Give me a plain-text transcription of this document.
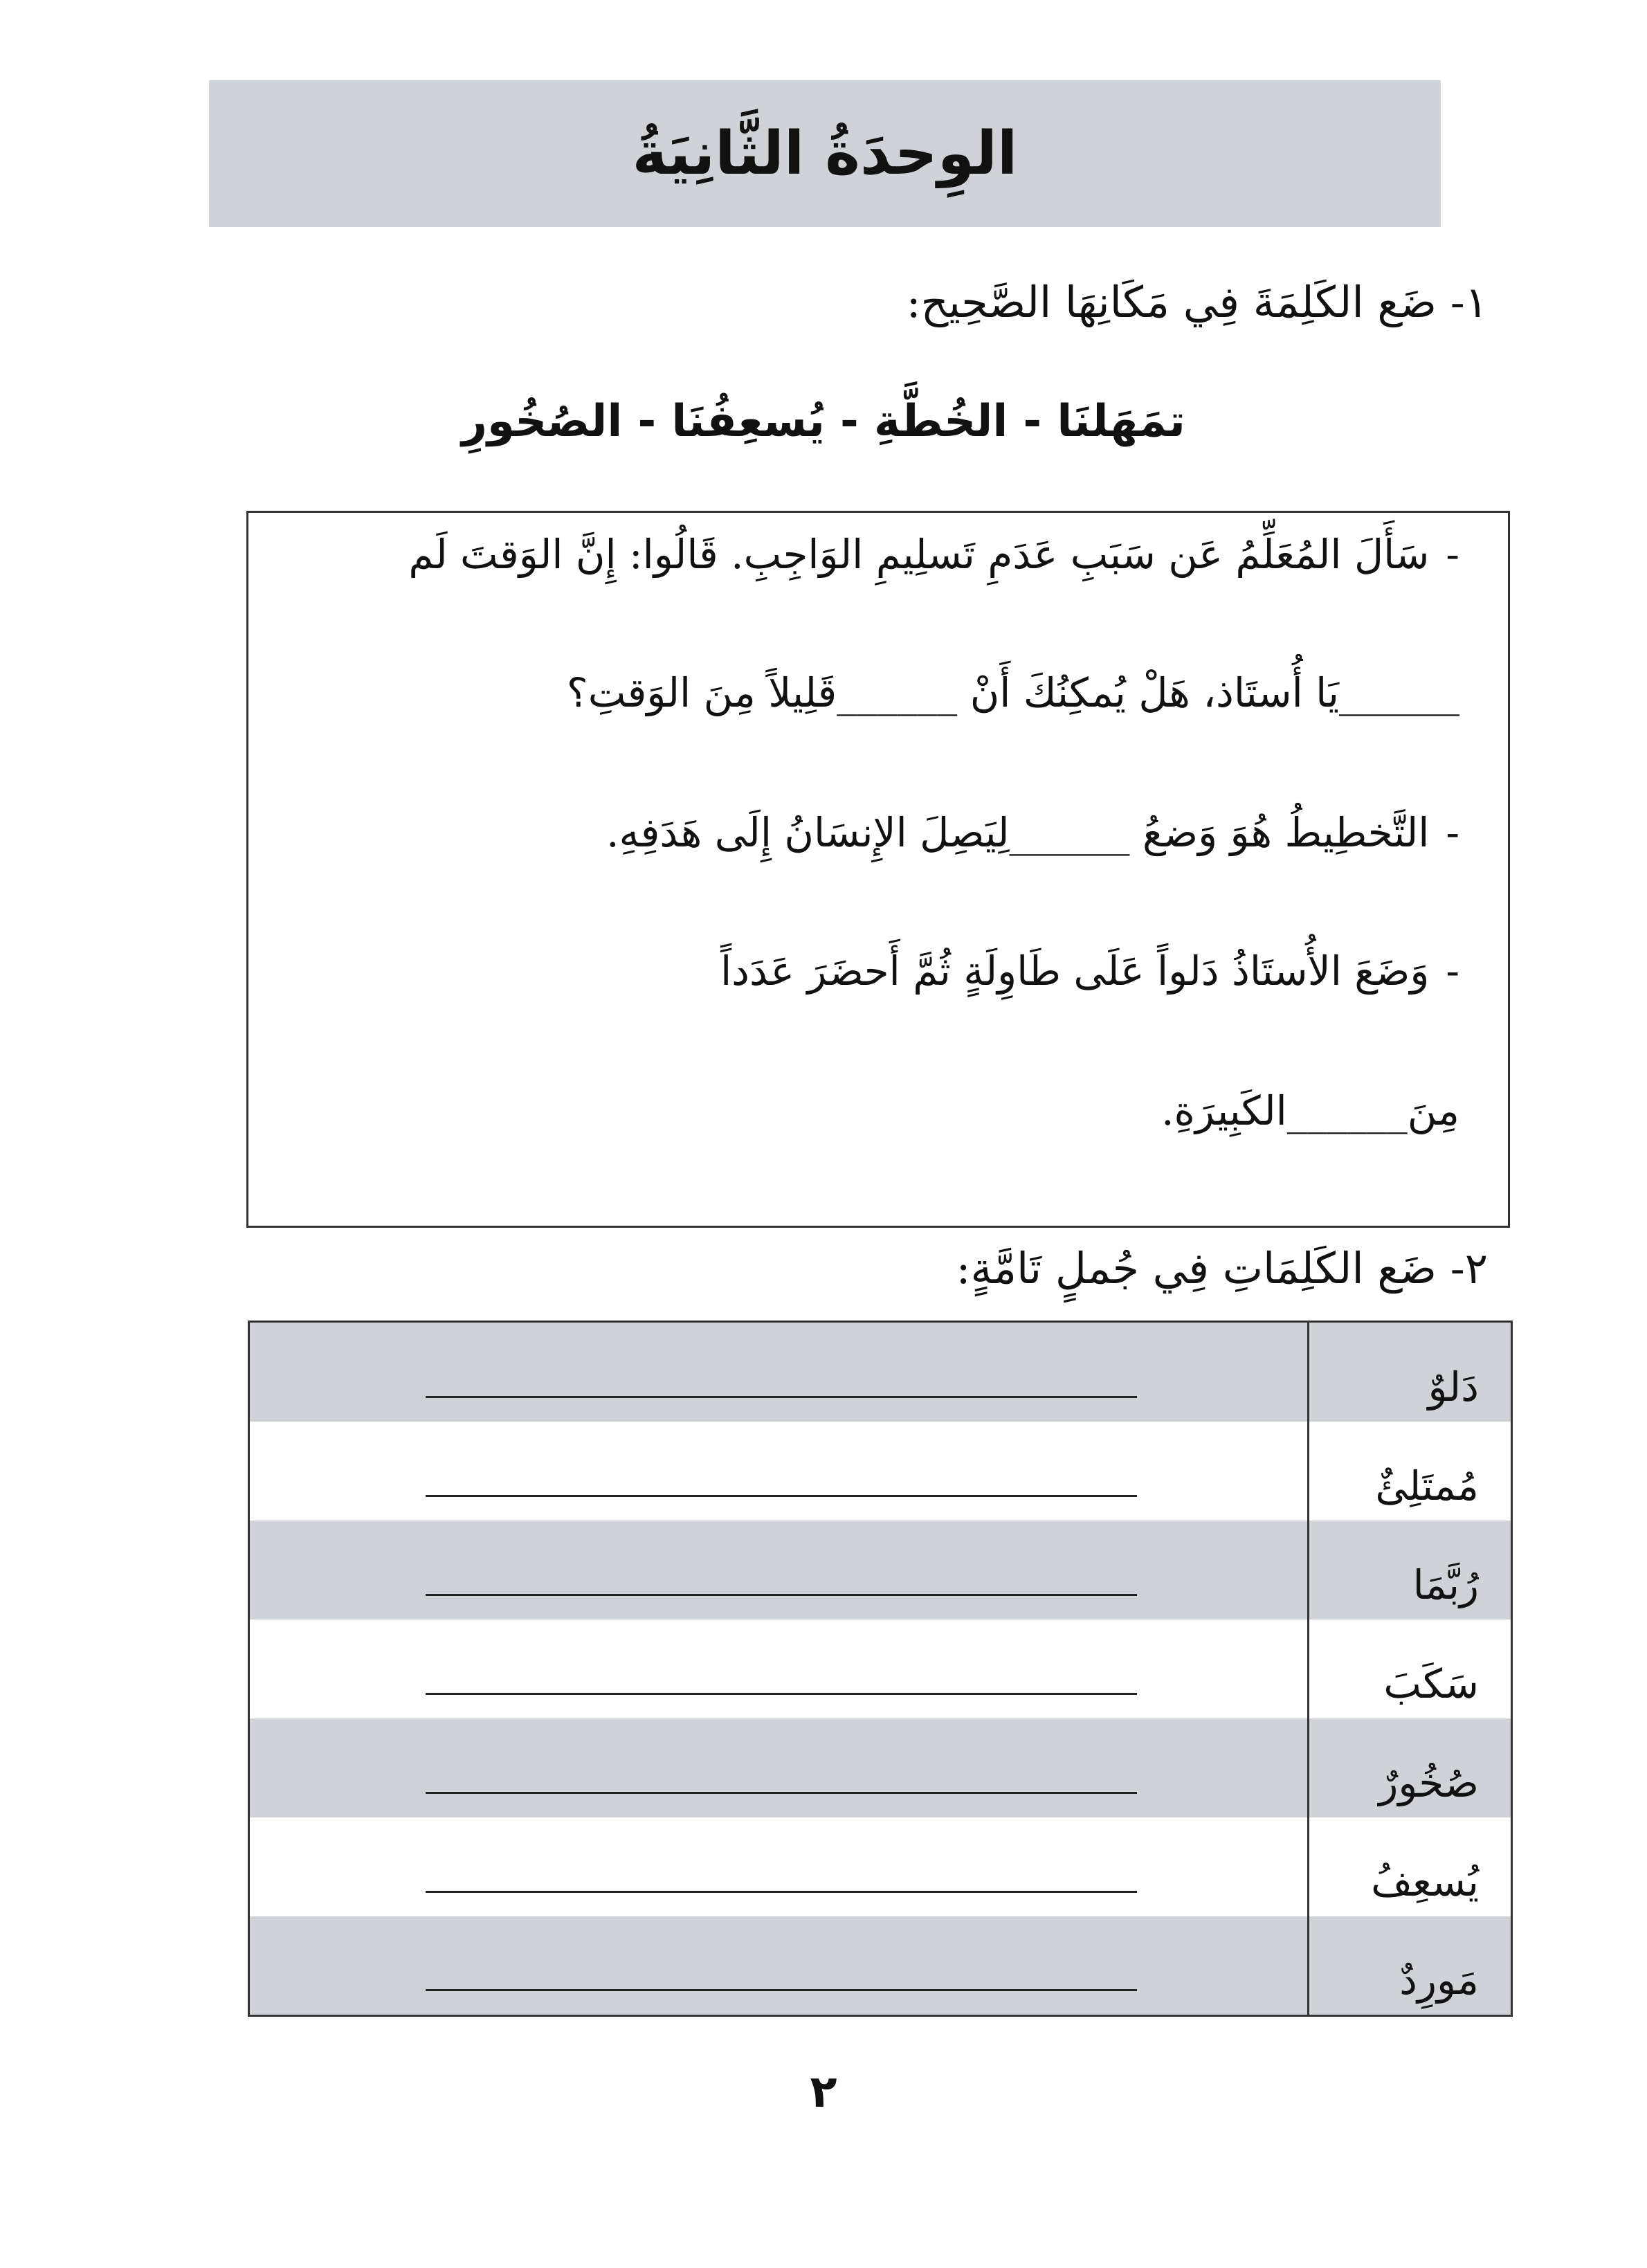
الوِحدَةُ الثَّانِيَةُ
١- ضَع الكَلِمَةَ فِي مَكَانِهَا الصَّحِيح:
تمَهَلنَا - الخُطَّةِ - يُسعِفُنَا - الصُخُورِ
-سَأَلَ المُعَلِّمُ عَن سَبَبِ عَدَمِ تَسلِيمِ الوَاجِبِ. قَالُوا: إِنَّ الوَقتَ لَم
______يَا أُستَاذ، هَلْ يُمكِنُكَ أَنْ ______قَلِيلاً مِنَ الوَقتِ؟
-التَّخطِيطُ هُوَ وَضعُ ______لِيَصِلَ الإِنسَانُ إِلَى هَدَفِهِ.
-وَضَعَ الأُستَاذُ دَلواً عَلَى طَاوِلَةٍ ثُمَّ أَحضَرَ عَدَداً
مِنَ______الكَبِيرَةِ.
٢- ضَع الكَلِمَاتِ فِي جُملٍ تَامَّةٍ:
دَلوٌ
مُمتَلِئٌ
رُبَّمَا
سَكَبَ
صُخُورٌ
يُسعِفُ
مَورِدٌ
٢
